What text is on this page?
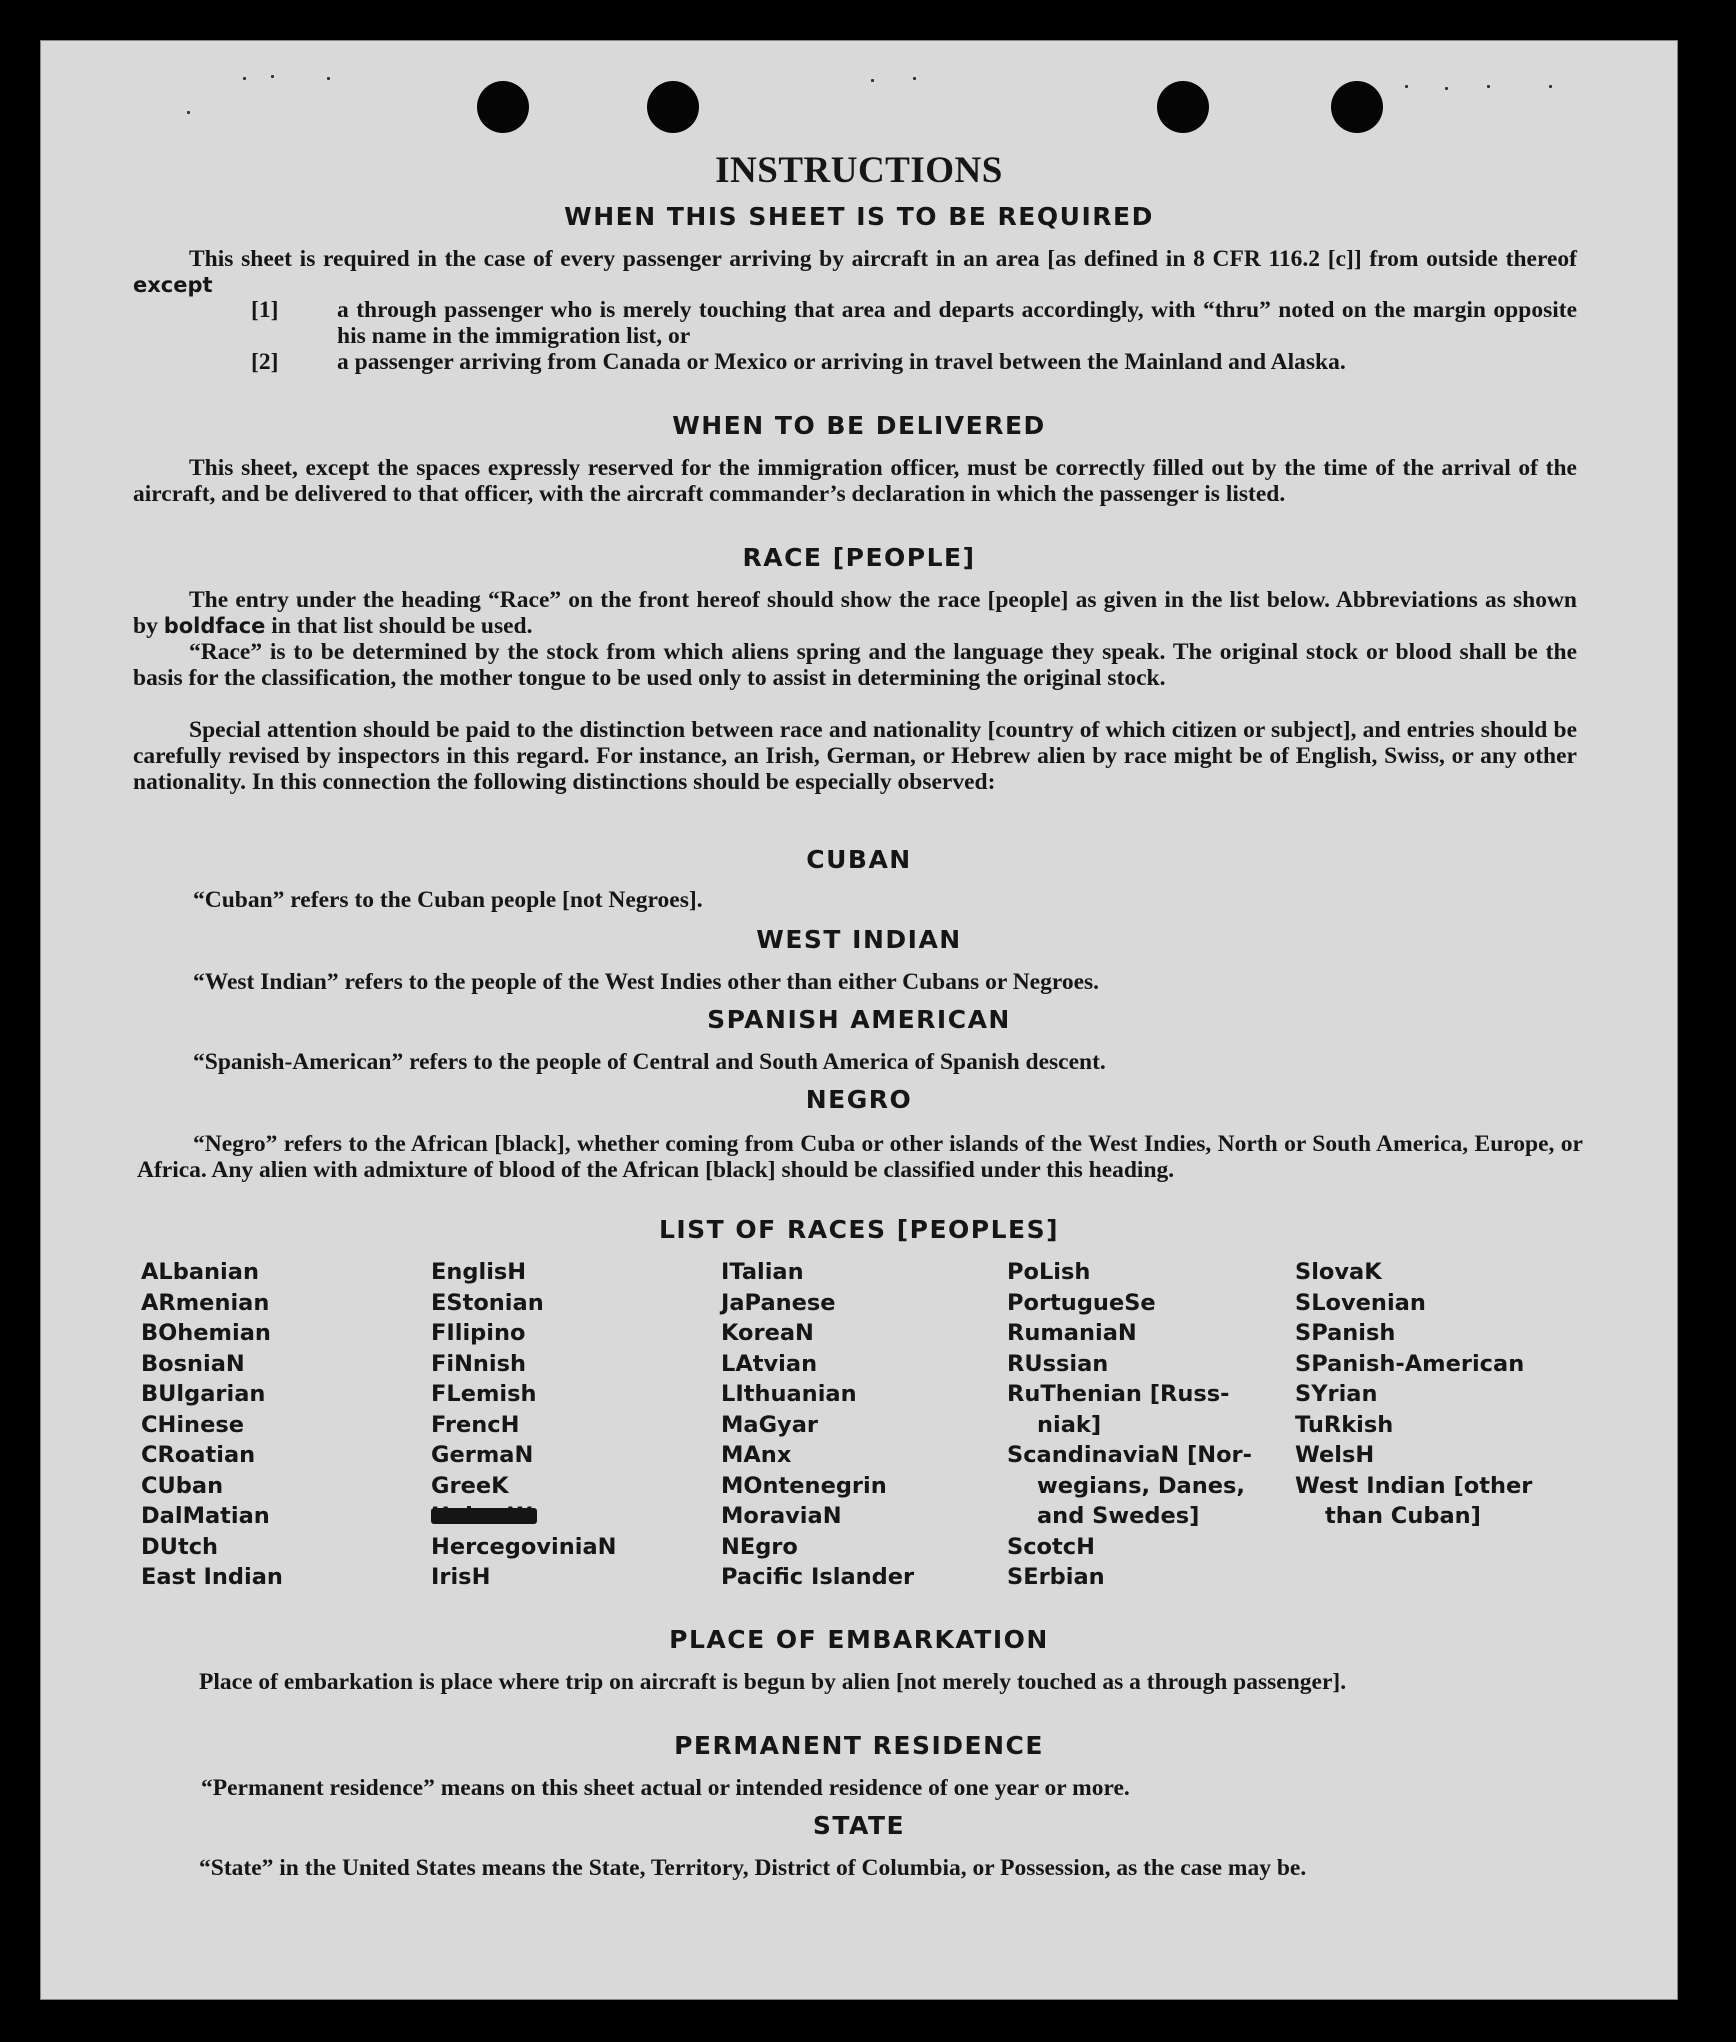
INSTRUCTIONS
WHEN THIS SHEET IS TO BE REQUIRED
This sheet is required in the case of every passenger arriving by aircraft in an area [as defined in 8 CFR 116.2 [c]] from outside thereof except
[1] a through passenger who is merely touching that area and departs accordingly, with “thru” noted on the margin opposite his name in the immigration list, or
[2] a passenger arriving from Canada or Mexico or arriving in travel between the Mainland and Alaska.
WHEN TO BE DELIVERED
This sheet, except the spaces expressly reserved for the immigration officer, must be correctly filled out by the time of the arrival of the aircraft, and be delivered to that officer, with the aircraft commander’s declaration in which the passenger is listed.
RACE [PEOPLE]
The entry under the heading “Race” on the front hereof should show the race [people] as given in the list below. Abbreviations as shown by boldface in that list should be used.
“Race” is to be determined by the stock from which aliens spring and the language they speak. The original stock or blood shall be the basis for the classification, the mother tongue to be used only to assist in determining the original stock.
Special attention should be paid to the distinction between race and nationality [country of which citizen or subject], and entries should be carefully revised by inspectors in this regard. For instance, an Irish, German, or Hebrew alien by race might be of English, Swiss, or any other nationality. In this connection the following distinctions should be especially observed:
CUBAN
“Cuban” refers to the Cuban people [not Negroes].
WEST INDIAN
“West Indian” refers to the people of the West Indies other than either Cubans or Negroes.
SPANISH AMERICAN
“Spanish-American” refers to the people of Central and South America of Spanish descent.
NEGRO
“Negro” refers to the African [black], whether coming from Cuba or other islands of the West Indies, North or South America, Europe, or Africa. Any alien with admixture of blood of the African [black] should be classified under this heading.
LIST OF RACES [PEOPLES]
ALbanian
ARmenian
BOhemian
BosniaN
BUlgarian
CHinese
CRoatian
CUban
DalMatian
DUtch
East Indian
EnglisH
EStonian
FIlipino
FiNnish
FLemish
FrencH
GermaN
GreeK
HercegoviniaN
IrisH
ITalian
JaPanese
KoreaN
LAtvian
LIthuanian
MaGyar
MAnx
MOntenegrin
MoraviaN
NEgro
Pacific Islander
PoLish
PortugueSe
RumaniaN
RUssian
RuThenian [Russ-
niak]
ScandinaviaN [Nor-
wegians, Danes,
and Swedes]
ScotcH
SErbian
SlovaK
SLovenian
SPanish
SPanish-American
SYrian
TuRkish
WelsH
West Indian [other
than Cuban]
PLACE OF EMBARKATION
Place of embarkation is place where trip on aircraft is begun by alien [not merely touched as a through passenger].
PERMANENT RESIDENCE
“Permanent residence” means on this sheet actual or intended residence of one year or more.
STATE
“State” in the United States means the State, Territory, District of Columbia, or Possession, as the case may be.
